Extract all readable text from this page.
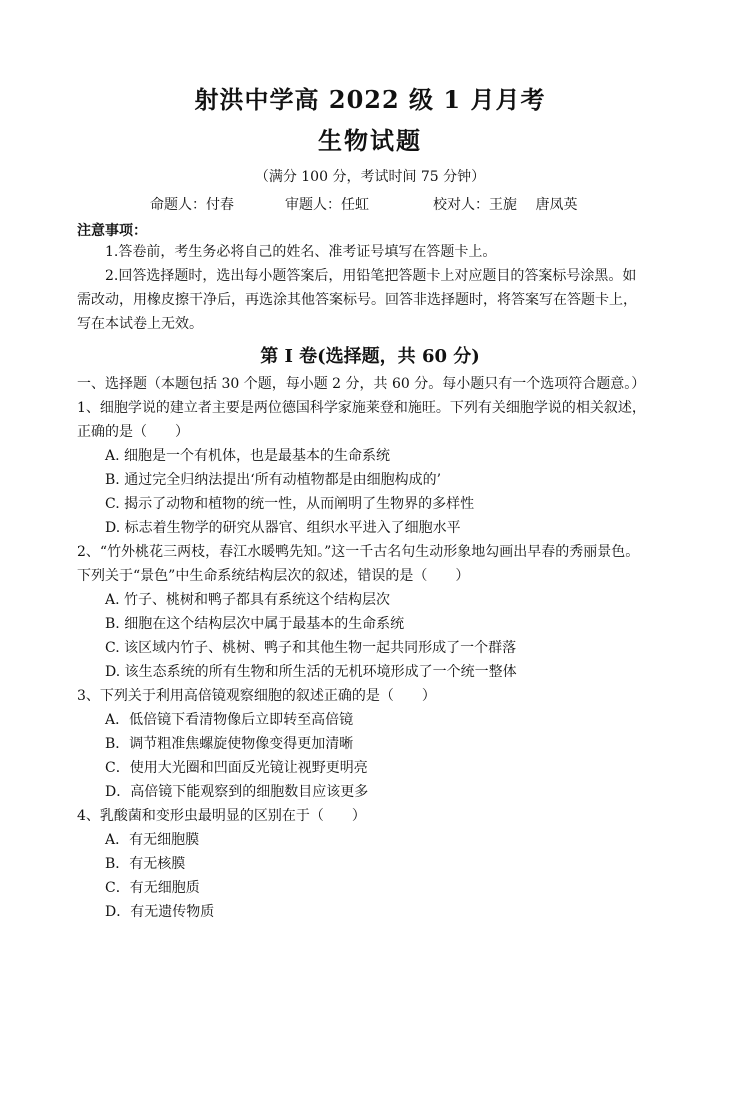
射洪中学高 2022 级 1 月月考
生物试题
（满分 100 分，考试时间 75 分钟）
命题人：付春	审题人：任虹	校对人：王旎　 唐凤英
注意事项：
1.答卷前，考生务必将自己的姓名、准考证号填写在答题卡上。
2.回答选择题时，选出每小题答案后，用铅笔把答题卡上对应题目的答案标号涂黑。如
需改动，用橡皮擦干净后，再选涂其他答案标号。回答非选择题时，将答案写在答题卡上，
写在本试卷上无效。
第 I 卷(选择题，共 60 分)
一、选择题（本题包括 30 个题，每小题 2 分，共 60 分。每小题只有一个选项符合题意。）
1、细胞学说的建立者主要是两位德国科学家施莱登和施旺。下列有关细胞学说的相关叙述，
正确的是（　　）
A. 细胞是一个有机体，也是最基本的生命系统
B. 通过完全归纳法提出‘所有动植物都是由细胞构成的’
C. 揭示了动物和植物的统一性，从而阐明了生物界的多样性
D. 标志着生物学的研究从器官、组织水平进入了细胞水平
2、“竹外桃花三两枝，春江水暖鸭先知。”这一千古名句生动形象地勾画出早春的秀丽景色。
下列关于“景色”中生命系统结构层次的叙述，错误的是（　　）
A. 竹子、桃树和鸭子都具有系统这个结构层次
B. 细胞在这个结构层次中属于最基本的生命系统
C. 该区域内竹子、桃树、鸭子和其他生物一起共同形成了一个群落
D. 该生态系统的所有生物和所生活的无机环境形成了一个统一整体
3、下列关于利用高倍镜观察细胞的叙述正确的是（　　）
A．低倍镜下看清物像后立即转至高倍镜
B．调节粗准焦螺旋使物像变得更加清晰
C．使用大光圈和凹面反光镜让视野更明亮
D．高倍镜下能观察到的细胞数目应该更多
4、乳酸菌和变形虫最明显的区别在于（　　）
A．有无细胞膜
B．有无核膜
C．有无细胞质
D．有无遗传物质
